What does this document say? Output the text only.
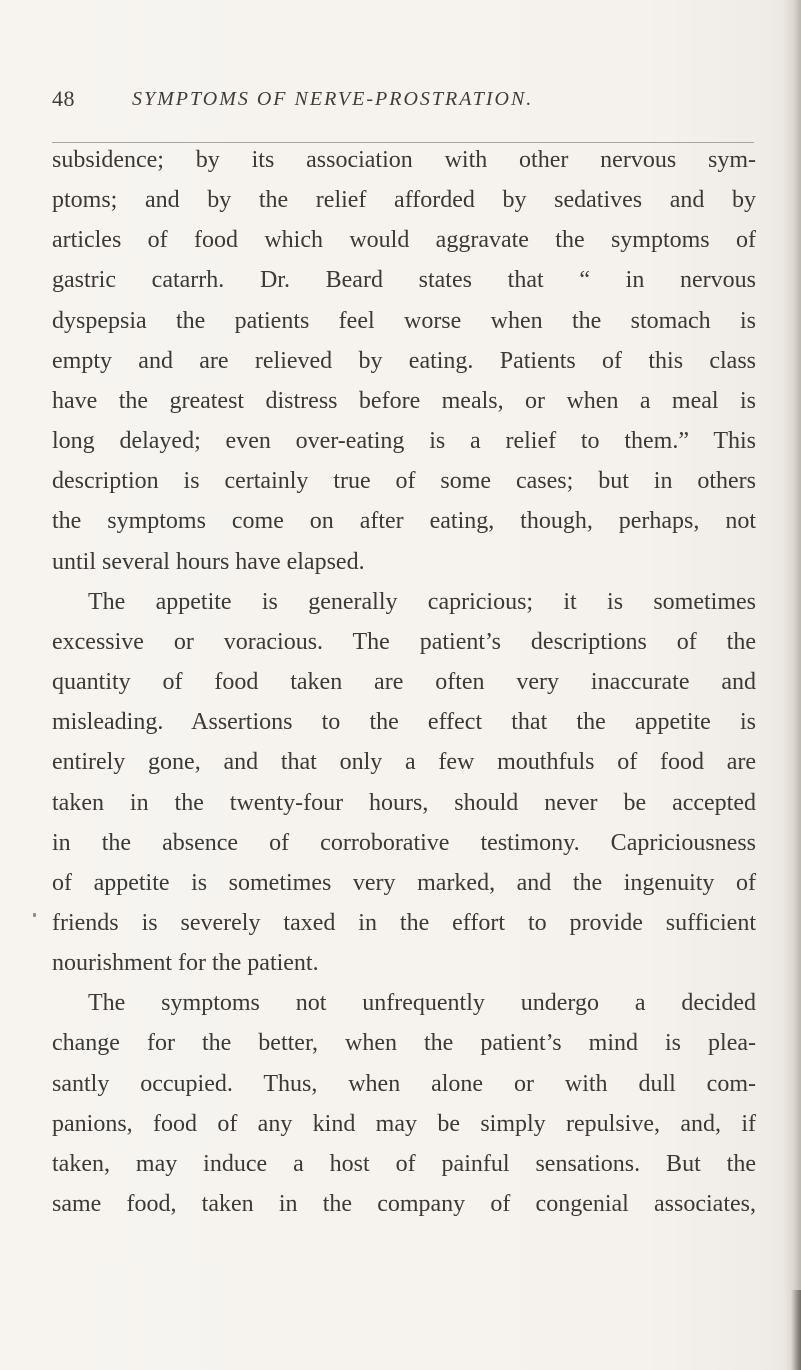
48	SYMPTOMS OF NERVE-PROSTRATION.

subsidence; by its association with other nervous sym-
ptoms; and by the relief afforded by sedatives and by
articles of food which would aggravate the symptoms of
gastric catarrh. Dr. Beard states that “ in nervous
dyspepsia the patients feel worse when the stomach is
empty and are relieved by eating. Patients of this class
have the greatest distress before meals, or when a meal is
long delayed; even over-eating is a relief to them.” This
description is certainly true of some cases; but in others
the symptoms come on after eating, though, perhaps, not
until several hours have elapsed.

The appetite is generally capricious; it is sometimes
excessive or voracious. The patient’s descriptions of the
quantity of food taken are often very inaccurate and
misleading. Assertions to the effect that the appetite is
entirely gone, and that only a few mouthfuls of food are
taken in the twenty-four hours, should never be accepted
in the absence of corroborative testimony. Capriciousness
of appetite is sometimes very marked, and the ingenuity of
friends is severely taxed in the effort to provide sufficient
nourishment for the patient.

The symptoms not unfrequently undergo a decided
change for the better, when the patient’s mind is plea-
santly occupied. Thus, when alone or with dull com-
panions, food of any kind may be simply repulsive, and, if
taken, may induce a host of painful sensations. But the
same food, taken in the company of congenial associates,
